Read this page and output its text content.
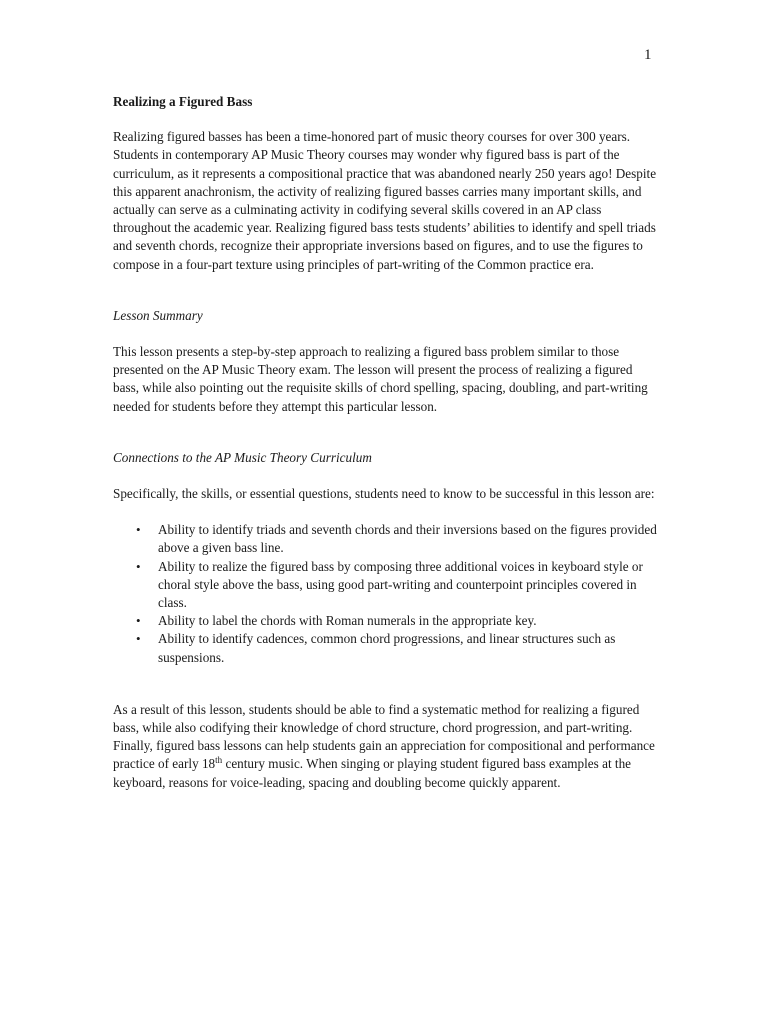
1
Realizing a Figured Bass

Realizing figured basses has been a time-honored part of music theory courses for over 300 years. Students in contemporary AP Music Theory courses may wonder why figured bass is part of the curriculum, as it represents a compositional practice that was abandoned nearly 250 years ago! Despite this apparent anachronism, the activity of realizing figured basses carries many important skills, and actually can serve as a culminating activity in codifying several skills covered in an AP class throughout the academic year. Realizing figured bass tests students’ abilities to identify and spell triads and seventh chords, recognize their appropriate inversions based on figures, and to use the figures to compose in a four-part texture using principles of part-writing of the Common practice era.

Lesson Summary

This lesson presents a step-by-step approach to realizing a figured bass problem similar to those presented on the AP Music Theory exam. The lesson will present the process of realizing a figured bass, while also pointing out the requisite skills of chord spelling, spacing, doubling, and part-writing needed for students before they attempt this particular lesson.

Connections to the AP Music Theory Curriculum

Specifically, the skills, or essential questions, students need to know to be successful in this lesson are:

• Ability to identify triads and seventh chords and their inversions based on the figures provided above a given bass line.
• Ability to realize the figured bass by composing three additional voices in keyboard style or choral style above the bass, using good part-writing and counterpoint principles covered in class.
• Ability to label the chords with Roman numerals in the appropriate key.
• Ability to identify cadences, common chord progressions, and linear structures such as suspensions.

As a result of this lesson, students should be able to find a systematic method for realizing a figured bass, while also codifying their knowledge of chord structure, chord progression, and part-writing. Finally, figured bass lessons can help students gain an appreciation for compositional and performance practice of early 18th century music. When singing or playing student figured bass examples at the keyboard, reasons for voice-leading, spacing and doubling become quickly apparent.
